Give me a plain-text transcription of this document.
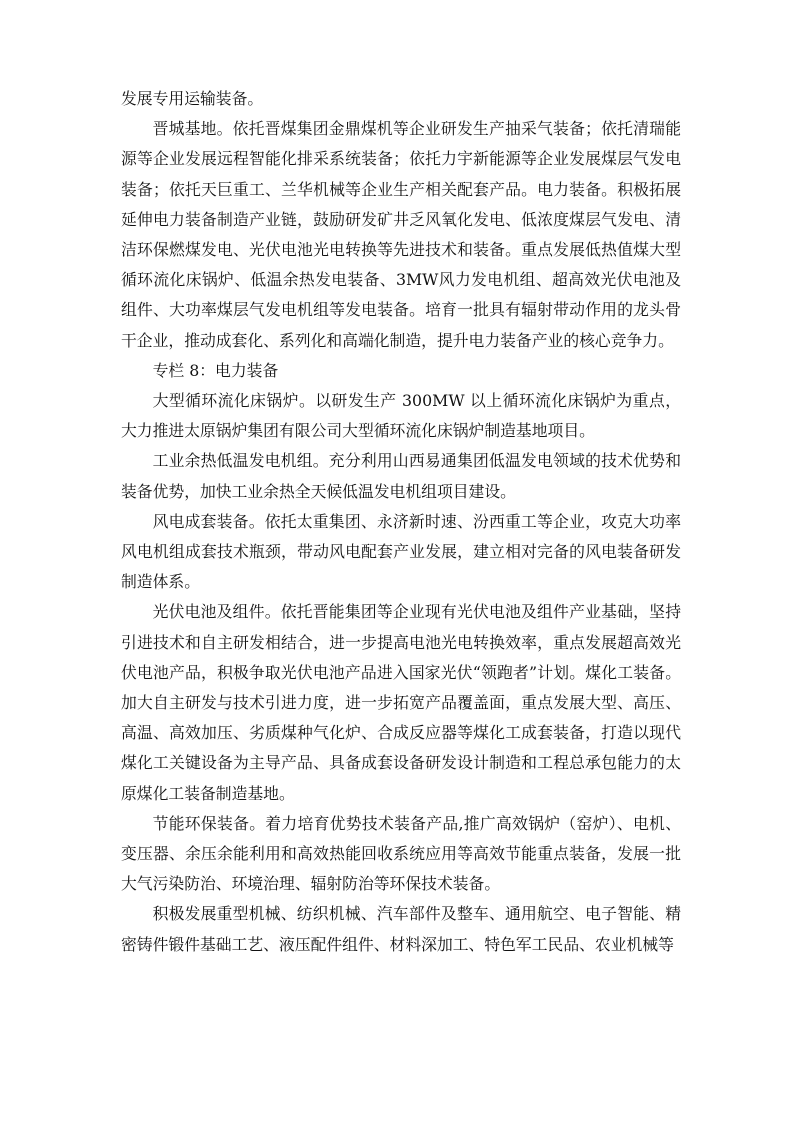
发展专用运输装备。

晋城基地。依托晋煤集团金鼎煤机等企业研发生产抽采气装备；依托清瑞能源等企业发展远程智能化排采系统装备；依托力宇新能源等企业发展煤层气发电装备；依托天巨重工、兰华机械等企业生产相关配套产品。电力装备。积极拓展延伸电力装备制造产业链，鼓励研发矿井乏风氧化发电、低浓度煤层气发电、清洁环保燃煤发电、光伏电池光电转换等先进技术和装备。重点发展低热值煤大型循环流化床锅炉、低温余热发电装备、3MW风力发电机组、超高效光伏电池及组件、大功率煤层气发电机组等发电装备。培育一批具有辐射带动作用的龙头骨干企业，推动成套化、系列化和高端化制造，提升电力装备产业的核心竞争力。

专栏 8：电力装备

大型循环流化床锅炉。以研发生产 300MW 以上循环流化床锅炉为重点，大力推进太原锅炉集团有限公司大型循环流化床锅炉制造基地项目。

工业余热低温发电机组。充分利用山西易通集团低温发电领域的技术优势和装备优势，加快工业余热全天候低温发电机组项目建设。

风电成套装备。依托太重集团、永济新时速、汾西重工等企业，攻克大功率风电机组成套技术瓶颈，带动风电配套产业发展，建立相对完备的风电装备研发制造体系。

光伏电池及组件。依托晋能集团等企业现有光伏电池及组件产业基础，坚持引进技术和自主研发相结合，进一步提高电池光电转换效率，重点发展超高效光伏电池产品，积极争取光伏电池产品进入国家光伏“领跑者”计划。煤化工装备。加大自主研发与技术引进力度，进一步拓宽产品覆盖面，重点发展大型、高压、高温、高效加压、劣质煤种气化炉、合成反应器等煤化工成套装备，打造以现代煤化工关键设备为主导产品、具备成套设备研发设计制造和工程总承包能力的太原煤化工装备制造基地。

节能环保装备。着力培育优势技术装备产品,推广高效锅炉（窑炉）、电机、变压器、余压余能利用和高效热能回收系统应用等高效节能重点装备，发展一批大气污染防治、环境治理、辐射防治等环保技术装备。

积极发展重型机械、纺织机械、汽车部件及整车、通用航空、电子智能、精密铸件锻件基础工艺、液压配件组件、材料深加工、特色军工民品、农业机械等
